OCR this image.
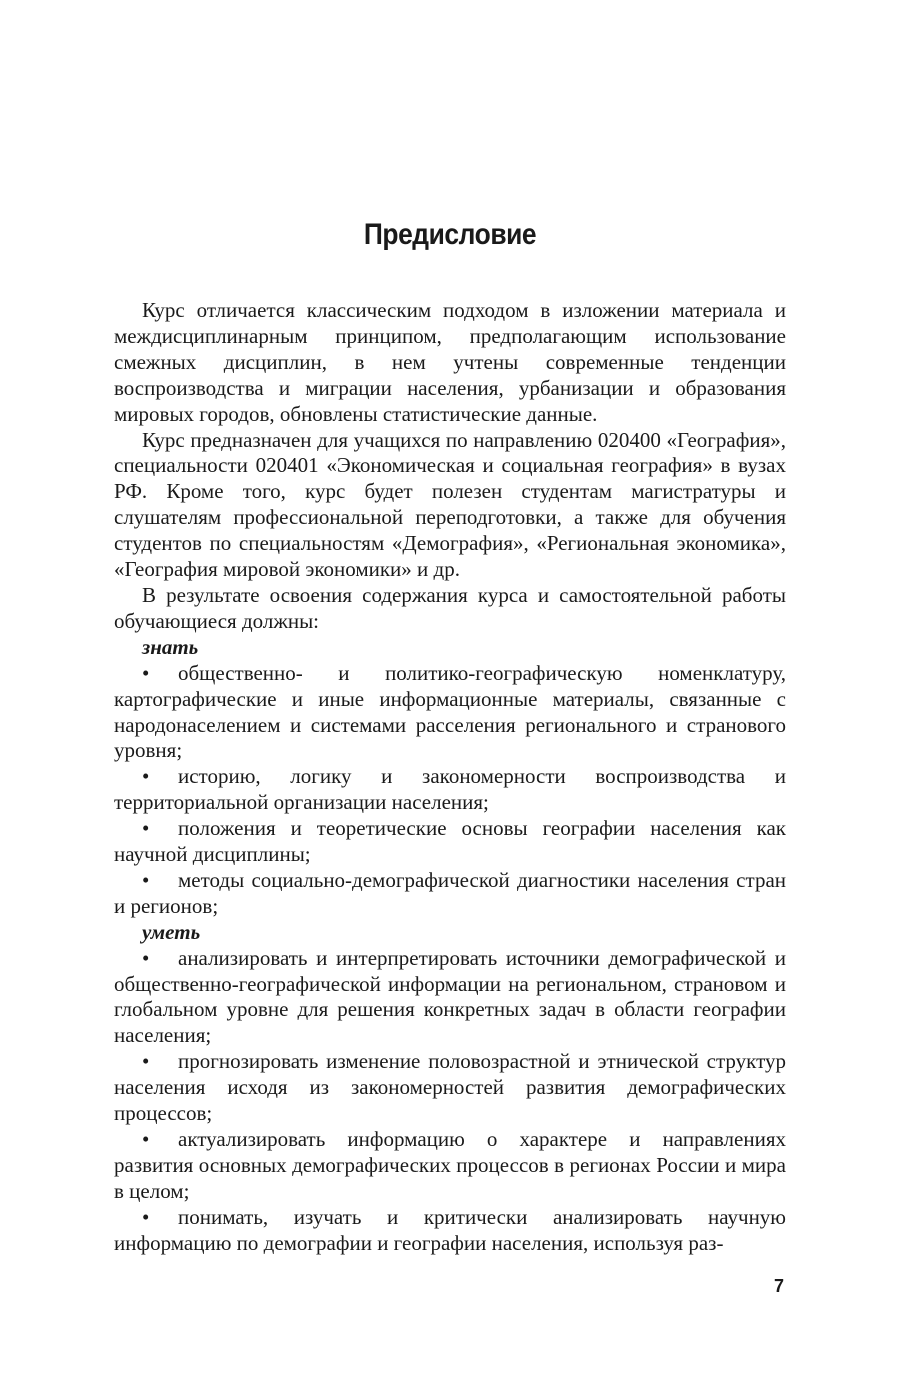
Предисловие

Курс отличается классическим подходом в изложении материала и междисциплинарным принципом, предполагающим использование смежных дисциплин, в нем учтены современные тенденции воспроизводства и миграции населения, урбанизации и образования мировых городов, обновлены статистические данные.

Курс предназначен для учащихся по направлению 020400 «География», специальности 020401 «Экономическая и социальная география» в вузах РФ. Кроме того, курс будет полезен студентам магистратуры и слушателям профессиональной переподготовки, а также для обучения студентов по специальностям «Демография», «Региональная экономика», «География мировой экономики» и др.

В результате освоения содержания курса и самостоятельной работы обучающиеся должны:

знать

• общественно- и политико-географическую номенклатуру, картографические и иные информационные материалы, связанные с народонаселением и системами расселения регионального и странового уровня;

• историю, логику и закономерности воспроизводства и территориальной организации населения;

• положения и теоретические основы географии населения как научной дисциплины;

• методы социально-демографической диагностики населения стран и регионов;

уметь

• анализировать и интерпретировать источники демографической и общественно-географической информации на региональном, страновом и глобальном уровне для решения конкретных задач в области географии населения;

• прогнозировать изменение половозрастной и этнической структур населения исходя из закономерностей развития демографических процессов;

• актуализировать информацию о характере и направлениях развития основных демографических процессов в регионах России и мира в целом;

• понимать, изучать и критически анализировать научную информацию по демографии и географии населения, используя раз-

7
